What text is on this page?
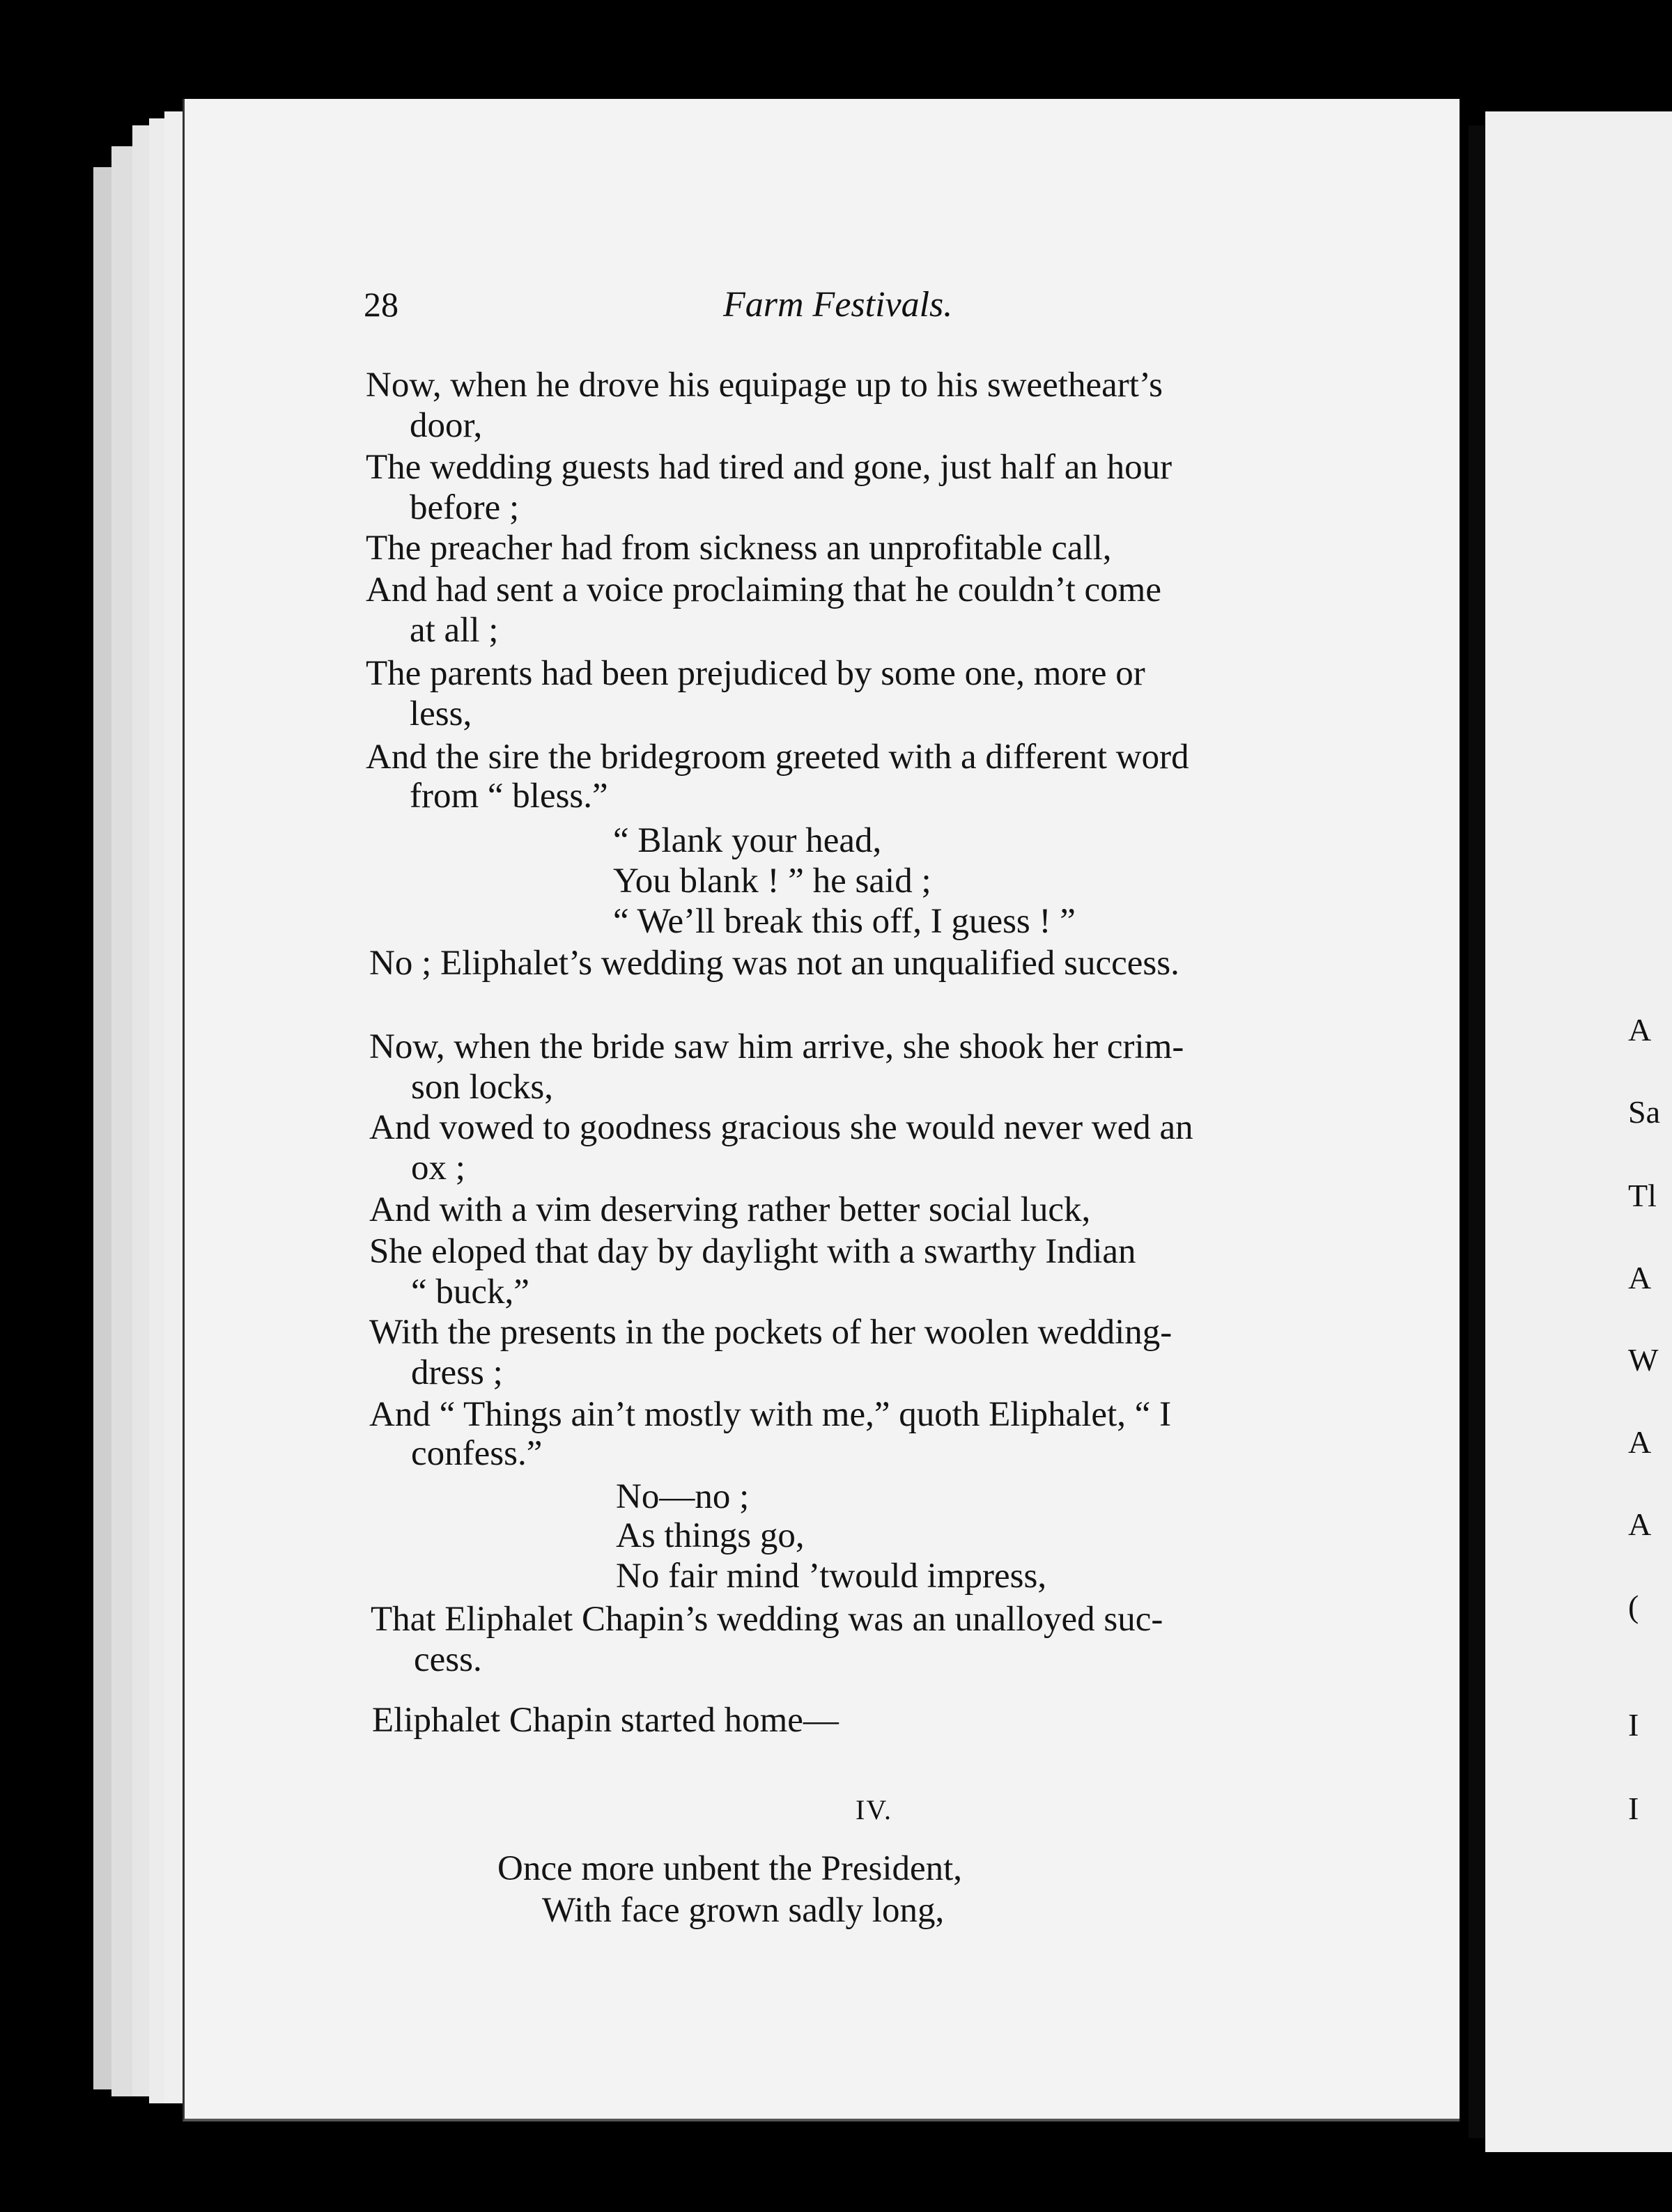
28	Farm Festivals.
Now, when he drove his equipage up to his sweetheart’s
door,
The wedding guests had tired and gone, just half an hour
before ;
The preacher had from sickness an unprofitable call,
And had sent a voice proclaiming that he couldn’t come
at all ;
The parents had been prejudiced by some one, more or
less,
And the sire the bridegroom greeted with a different word
from “ bless.”
“ Blank your head,
You blank ! ” he said ;
“ We’ll break this off, I guess ! ”
No ; Eliphalet’s wedding was not an unqualified success.
Now, when the bride saw him arrive, she shook her crim-
son locks,
And vowed to goodness gracious she would never wed an
ox ;
And with a vim deserving rather better social luck,
She eloped that day by daylight with a swarthy Indian
“ buck,”
With the presents in the pockets of her woolen wedding-
dress ;
And “ Things ain’t mostly with me,” quoth Eliphalet, “ I
confess.”
No—no ;
As things go,
No fair mind ’twould impress,
That Eliphalet Chapin’s wedding was an unalloyed suc-
cess.
Eliphalet Chapin started home—
IV.
Once more unbent the President,
With face grown sadly long,
A
Sa
Tl
A
W
A
A
(
I
I
